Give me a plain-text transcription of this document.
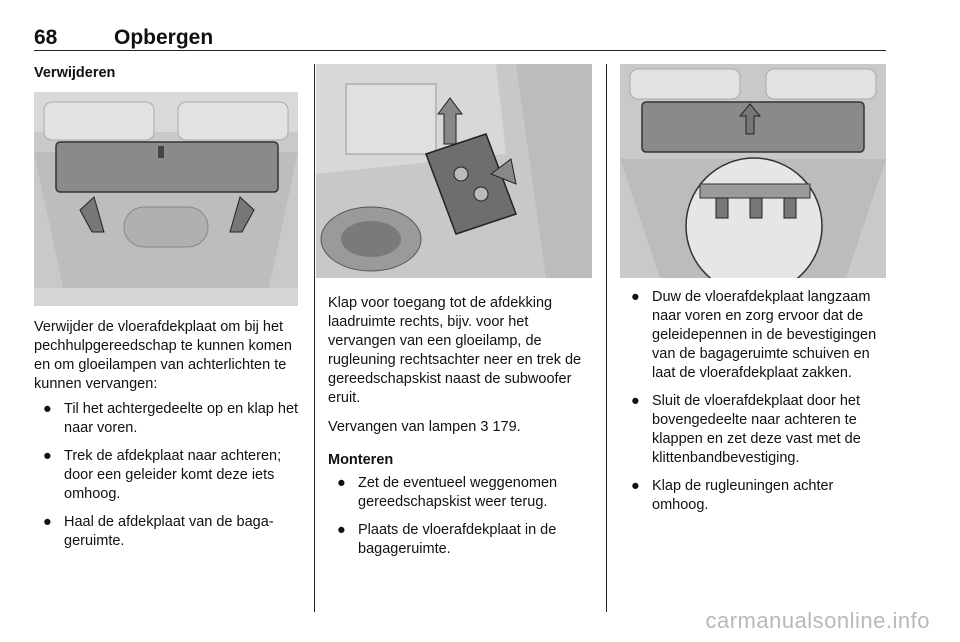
68	Opbergen

Verwijderen

Verwijder de vloerafdekplaat om bij het pechhulpgereedschap te kunnen komen en om gloeilampen van achterlichten te kunnen vervangen:

● Til het achtergedeelte op en klap het naar voren.
● Trek de afdekplaat naar achteren; door een geleider komt deze iets omhoog.
● Haal de afdekplaat van de bagageruimte.

Klap voor toegang tot de afdekking laadruimte rechts, bijv. voor het vervangen van een gloeilamp, de rugleuning rechtsachter neer en trek de gereedschapskist naast de subwoofer eruit.

Vervangen van lampen 3 179.

Monteren

● Zet de eventueel weggenomen gereedschapskist weer terug.
● Plaats de vloerafdekplaat in de bagageruimte.
● Duw de vloerafdekplaat langzaam naar voren en zorg ervoor dat de geleidepennen in de bevestigingen van de bagageruimte schuiven en laat de vloerafdekplaat zakken.
● Sluit de vloerafdekplaat door het bovengedeelte naar achteren te klappen en zet deze vast met de klittenbandbevestiging.
● Klap de rugleuningen achter omhoog.
carmanualsonline.info
